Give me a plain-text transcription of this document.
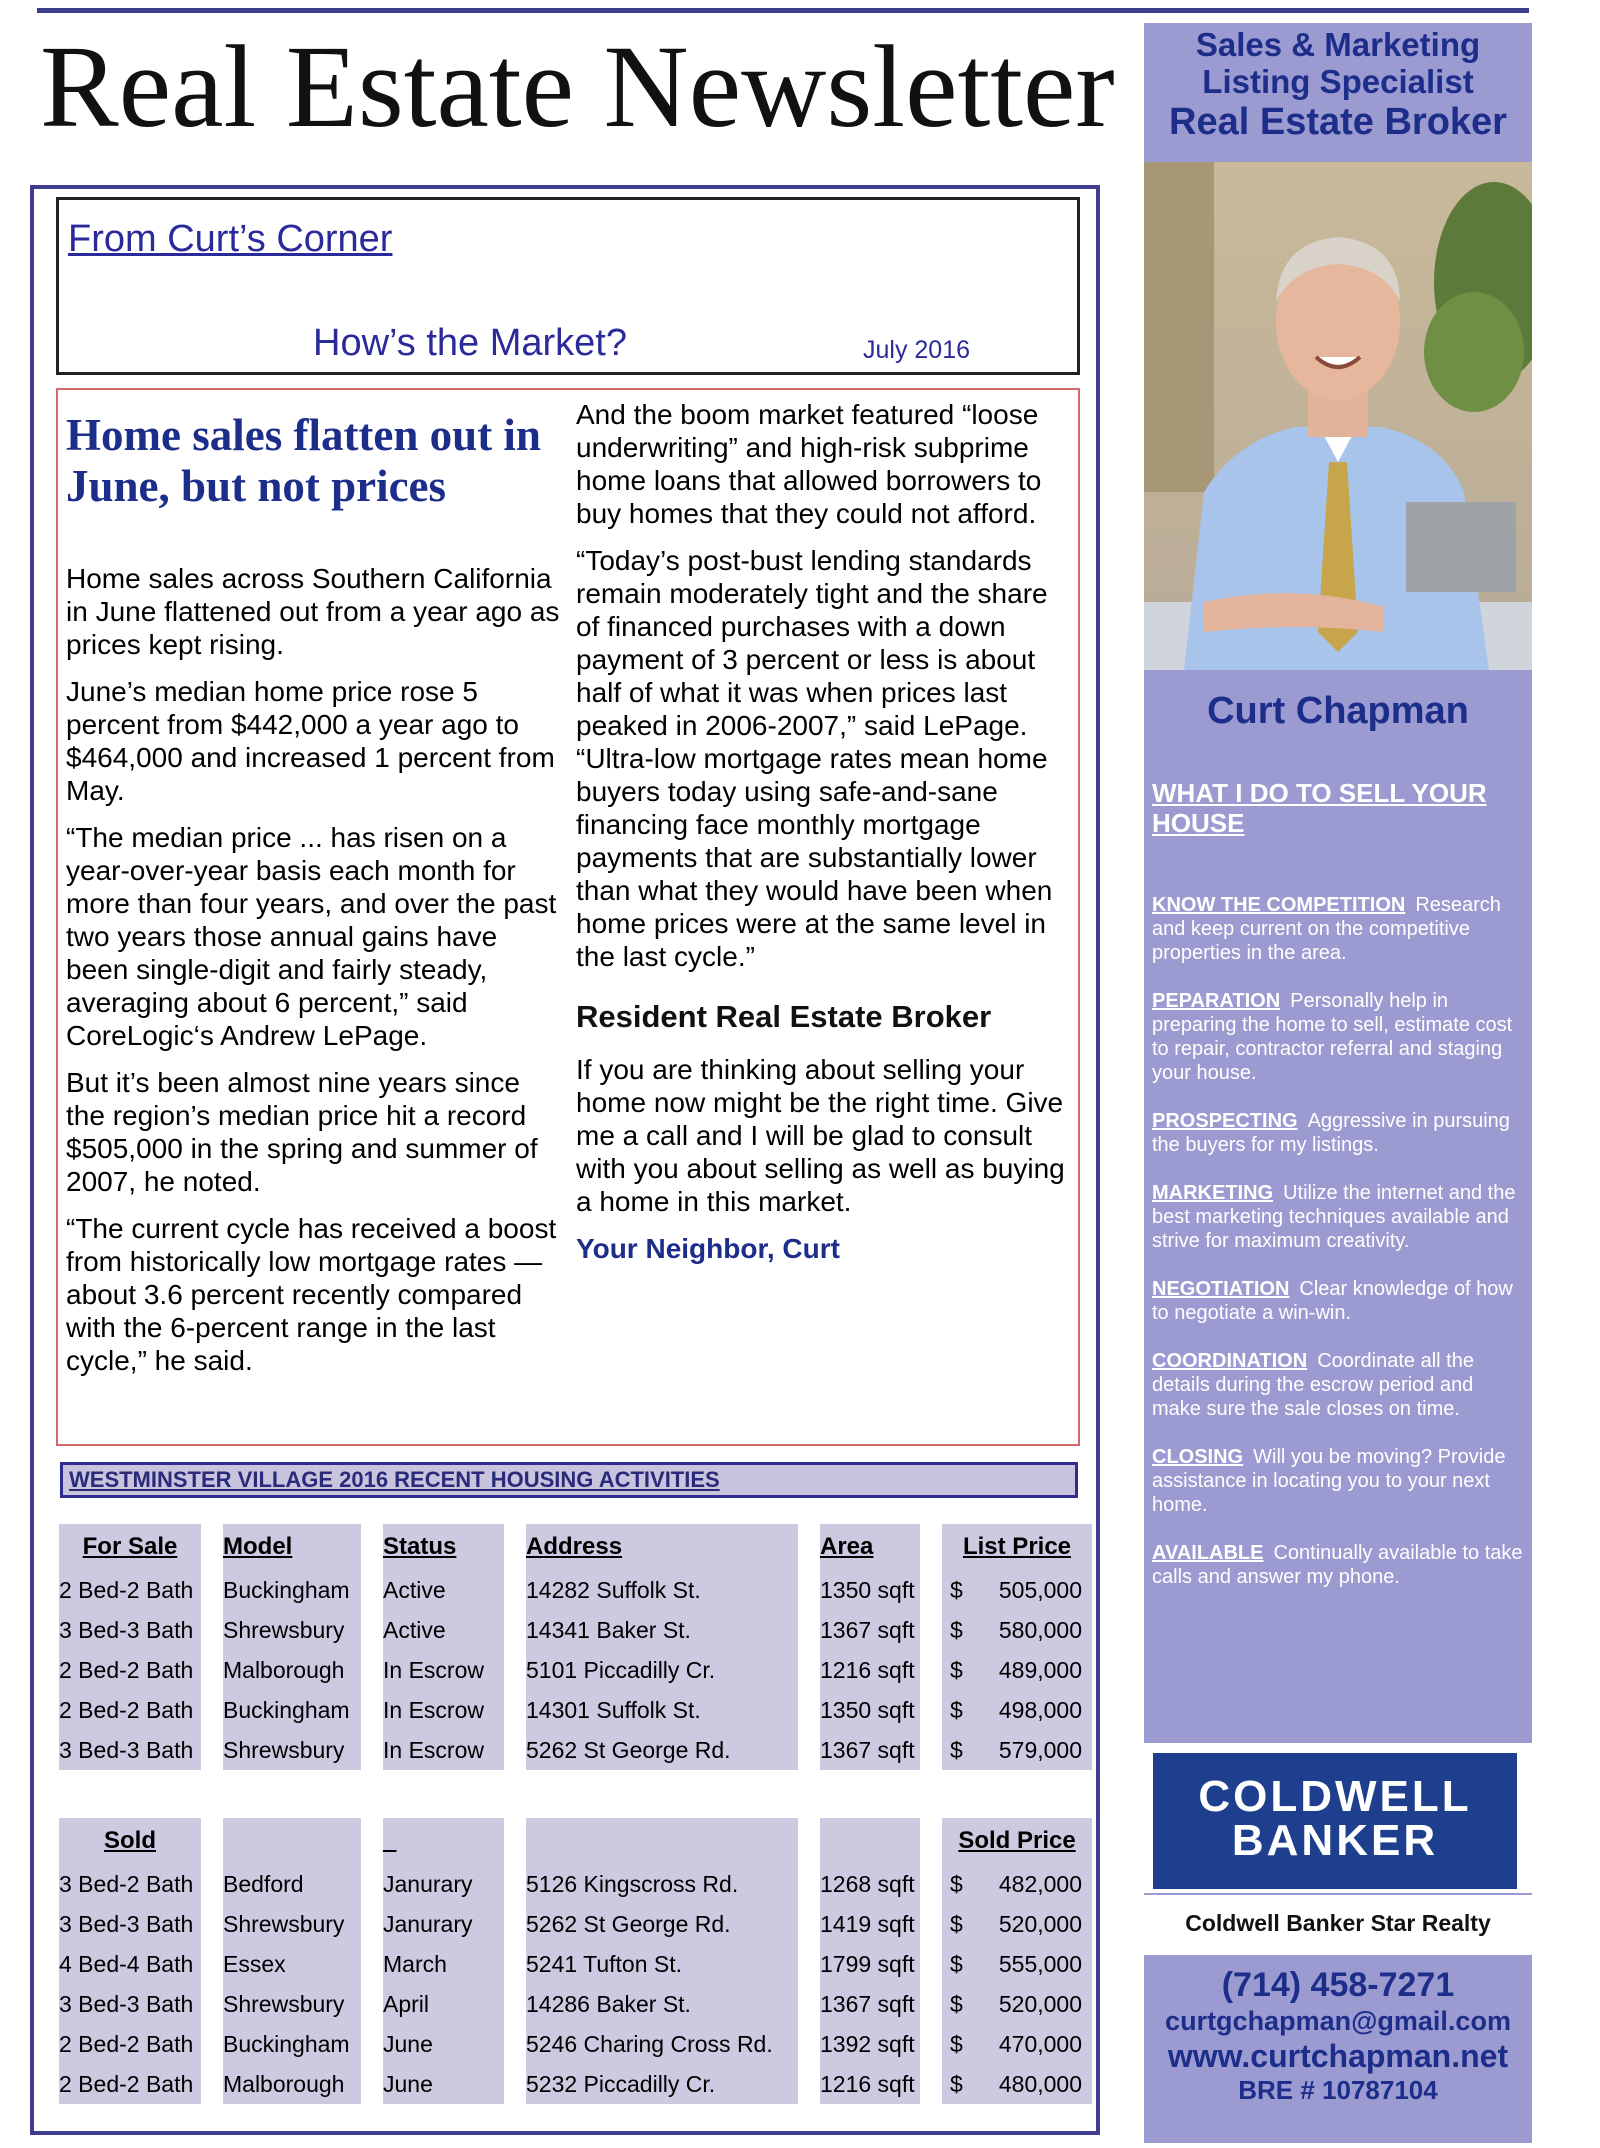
Real Estate Newsletter	Sales & Marketing
Listing Specialist
Real Estate Broker
Curt Chapman
WHAT I DO TO SELL YOUR HOUSE
KNOW THE COMPETITION Research and keep current on the competitive properties in the area.
PEPARATION Personally help in preparing the home to sell, estimate cost to repair, contractor referral and staging your house.
PROSPECTING Aggressive in pursuing the buyers for my listings.
MARKETING Utilize the internet and the best marketing techniques available and strive for maximum creativity.
NEGOTIATION Clear knowledge of how to negotiate a win-win.
COORDINATION Coordinate all the details during the escrow period and make sure the sale closes on time.
CLOSING Will you be moving? Provide assistance in locating you to your next home.
AVAILABLE Continually available to take calls and answer my phone.
COLDWELL
BANKER
Coldwell Banker Star Realty
(714) 458-7271
curtgchapman@gmail.com
www.curtchapman.net
BRE # 10787104
From Curt’s Corner
How’s the Market?	July 2016
Home sales flatten out in June, but not prices

Home sales across Southern California in June flattened out from a year ago as prices kept rising.

June’s median home price rose 5 percent from $442,000 a year ago to $464,000 and increased 1 percent from May.

“The median price ... has risen on a year-over-year basis each month for more than four years, and over the past two years those annual gains have been single-digit and fairly steady, averaging about 6 percent,” said CoreLogic‘s Andrew LePage.

But it’s been almost nine years since the region’s median price hit a record $505,000 in the spring and summer of 2007, he noted.

“The current cycle has received a boost from historically low mortgage rates — about 3.6 percent recently compared with the 6-percent range in the last cycle,” he said.

And the boom market featured “loose underwriting” and high-risk subprime home loans that allowed borrowers to buy homes that they could not afford.

“Today’s post-bust lending standards remain moderately tight and the share of financed purchases with a down payment of 3 percent or less is about half of what it was when prices last peaked in 2006-2007,” said LePage. “Ultra-low mortgage rates mean home buyers today using safe-and-sane financing face monthly mortgage payments that are substantially lower than what they would have been when home prices were at the same level in the last cycle.”

Resident Real Estate Broker

If you are thinking about selling your home now might be the right time. Give me a call and I will be glad to consult with you about selling as well as buying a home in this market.

Your Neighbor, Curt

WESTMINSTER VILLAGE 2016 RECENT HOUSING ACTIVITIES
For Sale		Model		Status		Address		Area		List Price
2 Bed-2 Bath		Buckingham		Active		14282 Suffolk St.		1350 sqft		$ 505,000

3 Bed-3 Bath		Shrewsbury		Active		14341 Baker St.		1367 sqft		$ 580,000

2 Bed-2 Bath		Malborough		In Escrow		5101 Piccadilly Cr.		1216 sqft		$ 489,000

2 Bed-2 Bath		Buckingham		In Escrow		14301 Suffolk St.		1350 sqft		$ 498,000

3 Bed-3 Bath		Shrewsbury		In Escrow		5262 St George Rd.		1367 sqft		$ 579,000
Sold				_						Sold Price
3 Bed-2 Bath		Bedford		Janurary		5126 Kingscross Rd.		1268 sqft		$ 482,000

3 Bed-3 Bath		Shrewsbury		Janurary		5262 St George Rd.		1419 sqft		$ 520,000

4 Bed-4 Bath		Essex		March		5241 Tufton St.		1799 sqft		$ 555,000

3 Bed-3 Bath		Shrewsbury		April		14286 Baker St.		1367 sqft		$ 520,000

2 Bed-2 Bath		Buckingham		June		5246 Charing Cross Rd.		1392 sqft		$ 470,000

2 Bed-2 Bath		Malborough		June		5232 Piccadilly Cr.		1216 sqft		$ 480,000
